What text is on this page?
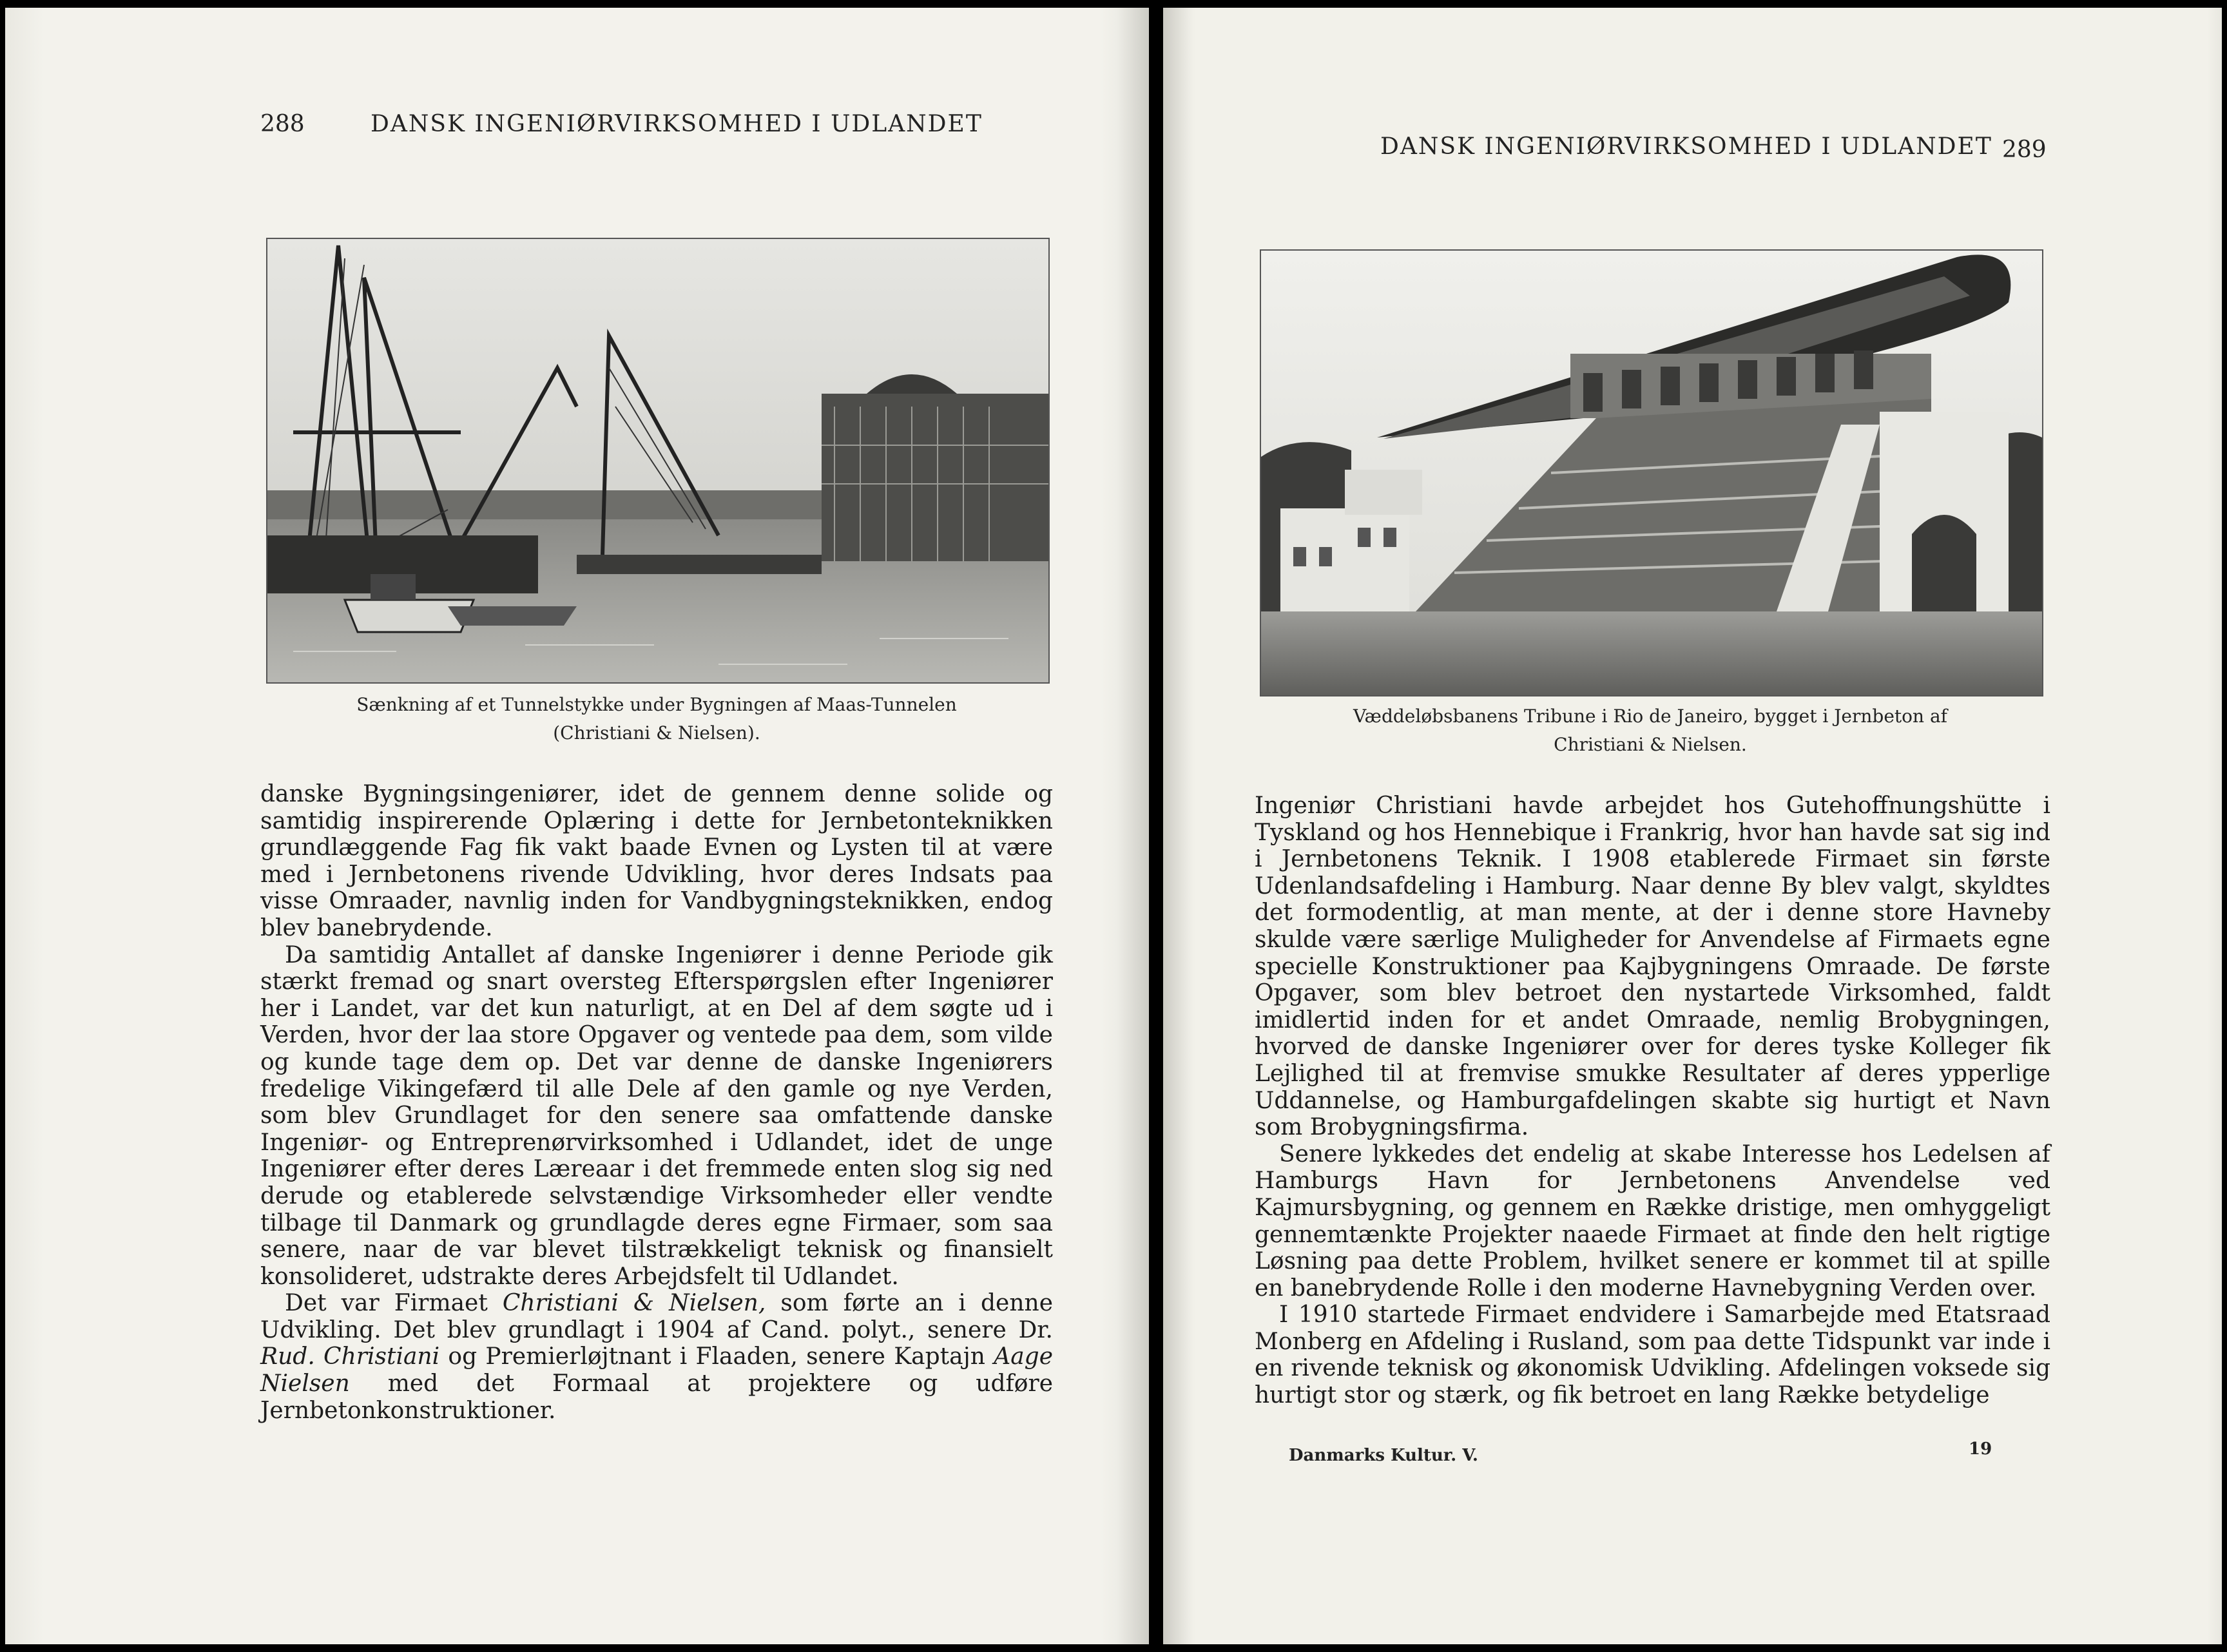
288	DANSK INGENIØRVIRKSOMHED I UDLANDET
Sænkning af et Tunnelstykke under Bygningen af Maas-Tunnelen
(Christiani & Nielsen).

danske Bygningsingeniører, idet de gennem denne solide og samtidig inspirerende Oplæring i dette for Jernbetonteknikken grundlæggende Fag fik vakt baade Evnen og Lysten til at være med i Jernbetonens rivende Udvikling, hvor deres Indsats paa visse Omraader, navnlig inden for Vandbygningsteknikken, endog blev banebrydende.

Da samtidig Antallet af danske Ingeniører i denne Periode gik stærkt fremad og snart oversteg Efterspørgslen efter Ingeniører her i Landet, var det kun naturligt, at en Del af dem søgte ud i Verden, hvor der laa store Opgaver og ventede paa dem, som vilde og kunde tage dem op. Det var denne de danske Ingeniørers fredelige Vikingefærd til alle Dele af den gamle og nye Verden, som blev Grundlaget for den senere saa omfattende danske Ingeniør- og Entreprenørvirksomhed i Udlandet, idet de unge Ingeniører efter deres Læreaar i det fremmede enten slog sig ned derude og etablerede selvstændige Virksomheder eller vendte tilbage til Danmark og grundlagde deres egne Firmaer, som saa senere, naar de var blevet tilstrækkeligt teknisk og finansielt konsolideret, udstrakte deres Arbejdsfelt til Udlandet.

Det var Firmaet Christiani & Nielsen, som førte an i denne Udvikling. Det blev grundlagt i 1904 af Cand. polyt., senere Dr. Rud. Christiani og Premierløjtnant i Flaaden, senere Kaptajn Aage Nielsen med det Formaal at projektere og udføre Jernbetonkonstruktioner.

DANSK INGENIØRVIRKSOMHED I UDLANDET 289
Væddeløbsbanens Tribune i Rio de Janeiro, bygget i Jernbeton af
Christiani & Nielsen.

Ingeniør Christiani havde arbejdet hos Gutehoffnungshütte i Tyskland og hos Hennebique i Frankrig, hvor han havde sat sig ind i Jernbetonens Teknik. I 1908 etablerede Firmaet sin første Udenlandsafdeling i Hamburg. Naar denne By blev valgt, skyldtes det formodentlig, at man mente, at der i denne store Havneby skulde være særlige Muligheder for Anvendelse af Firmaets egne specielle Konstruktioner paa Kajbygningens Omraade. De første Opgaver, som blev betroet den nystartede Virksomhed, faldt imidlertid inden for et andet Omraade, nemlig Brobygningen, hvorved de danske Ingeniører over for deres tyske Kolleger fik Lejlighed til at fremvise smukke Resultater af deres ypperlige Uddannelse, og Hamburgafdelingen skabte sig hurtigt et Navn som Brobygningsfirma.

Senere lykkedes det endelig at skabe Interesse hos Ledelsen af Hamburgs Havn for Jernbetonens Anvendelse ved Kajmursbygning, og gennem en Række dristige, men omhyggeligt gennemtænkte Projekter naaede Firmaet at finde den helt rigtige Løsning paa dette Problem, hvilket senere er kommet til at spille en banebrydende Rolle i den moderne Havnebygning Verden over.

I 1910 startede Firmaet endvidere i Samarbejde med Etatsraad Monberg en Afdeling i Rusland, som paa dette Tidspunkt var inde i en rivende teknisk og økonomisk Udvikling. Afdelingen voksede sig hurtigt stor og stærk, og fik betroet en lang Række betydelige

Danmarks Kultur. V.	19
